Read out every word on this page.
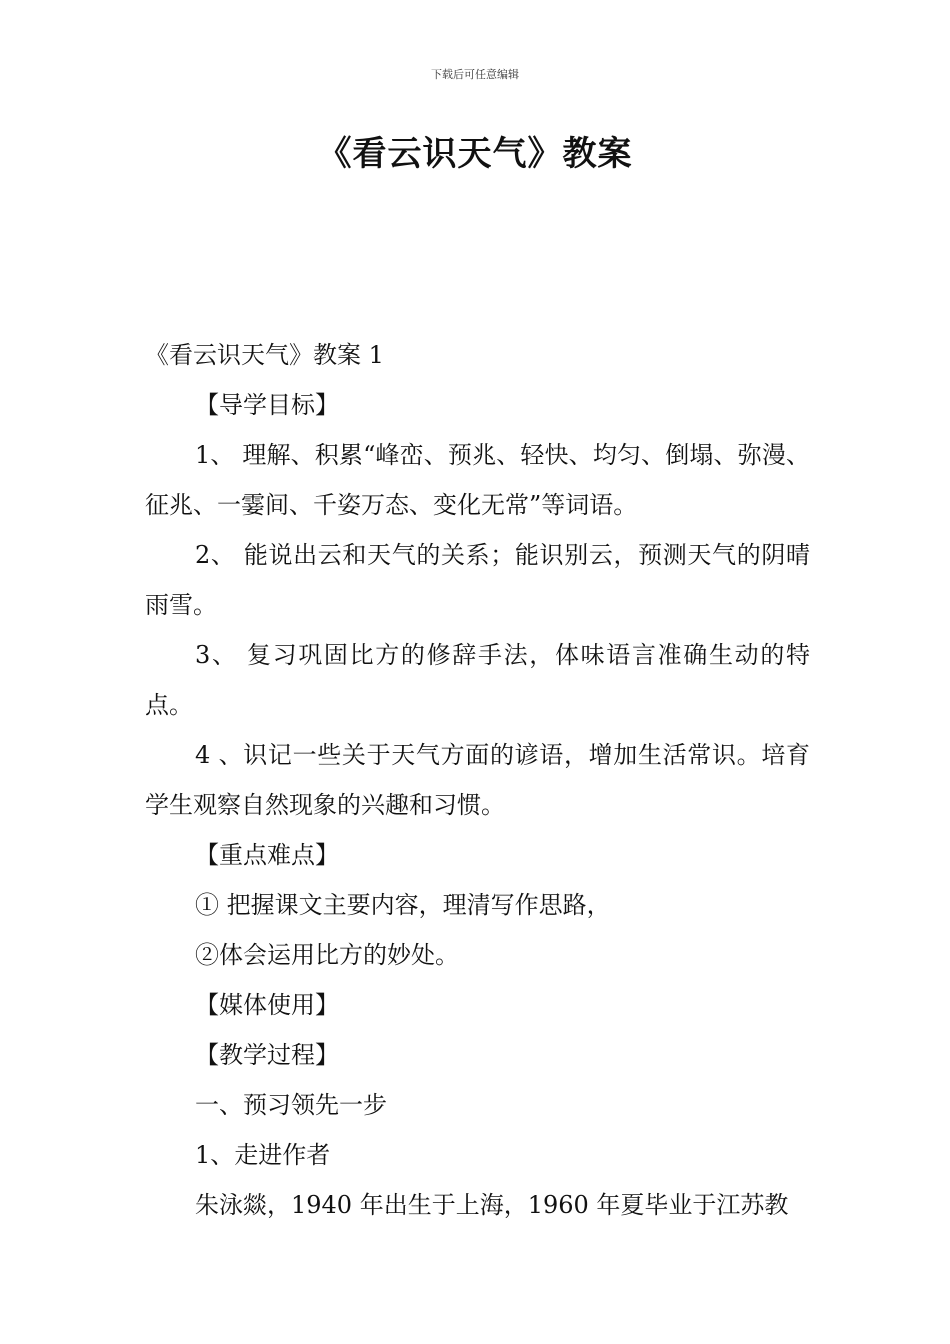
下载后可任意编辑
《看云识天气》教案

《看云识天气》教案 1

【导学目标】

1、 理解、积累“峰峦、预兆、轻快、均匀、倒塌、弥漫、征兆、一霎间、千姿万态、变化无常”等词语。

2、 能说出云和天气的关系；能识别云，预测天气的阴晴雨雪。

3、 复习巩固比方的修辞手法，体味语言准确生动的特点。

4 、识记一些关于天气方面的谚语，增加生活常识。培育学生观察自然现象的兴趣和习惯。

【重点难点】

① 把握课文主要内容，理清写作思路，

②体会运用比方的妙处。

【媒体使用】

【教学过程】

一、预习领先一步

1、走进作者

朱泳燚，1940 年出生于上海，1960 年夏毕业于江苏教
